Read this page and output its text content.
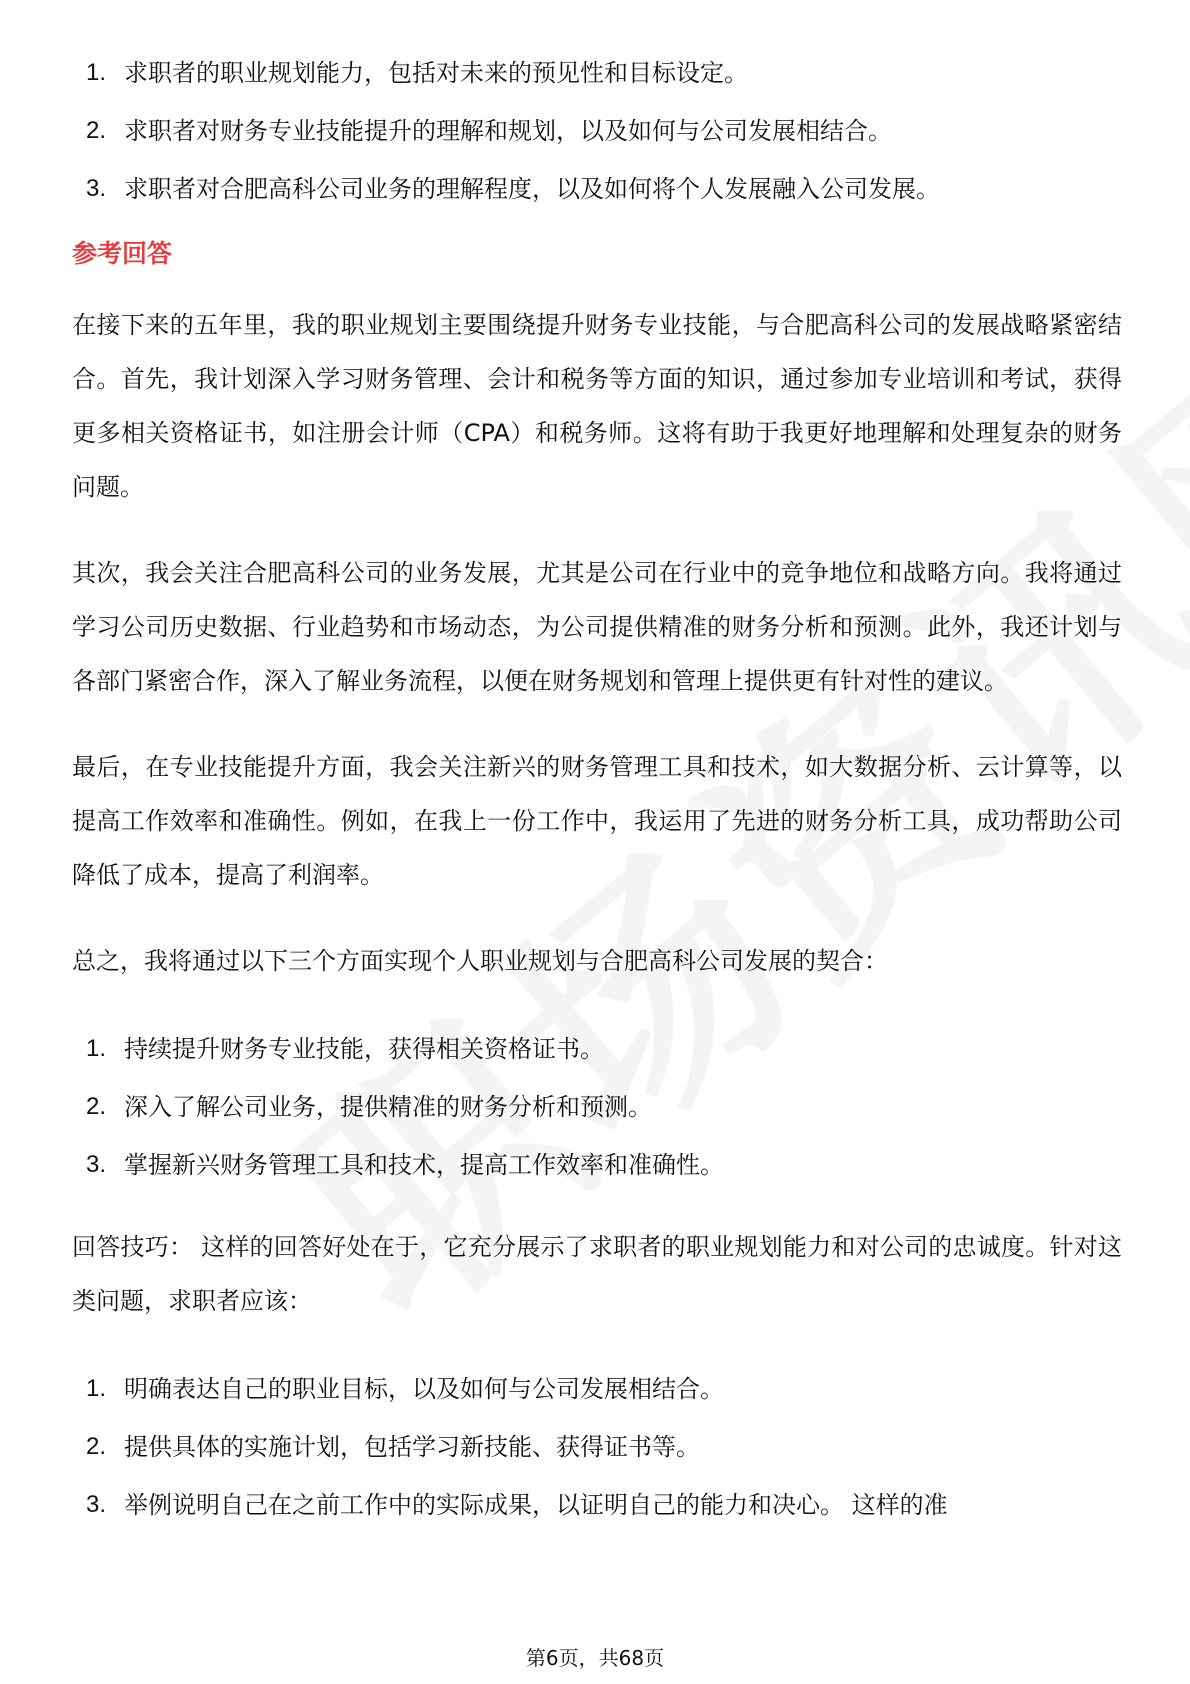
1. 求职者的职业规划能力，包括对未来的预见性和目标设定。
2. 求职者对财务专业技能提升的理解和规划，以及如何与公司发展相结合。
3. 求职者对合肥高科公司业务的理解程度，以及如何将个人发展融入公司发展。
参考回答

在接下来的五年里，我的职业规划主要围绕提升财务专业技能，与合肥高科公司的发展战略紧密结合。首先，我计划深入学习财务管理、会计和税务等方面的知识，通过参加专业培训和考试，获得更多相关资格证书，如注册会计师（CPA）和税务师。这将有助于我更好地理解和处理复杂的财务问题。

其次，我会关注合肥高科公司的业务发展，尤其是公司在行业中的竞争地位和战略方向。我将通过学习公司历史数据、行业趋势和市场动态，为公司提供精准的财务分析和预测。此外，我还计划与各部门紧密合作，深入了解业务流程，以便在财务规划和管理上提供更有针对性的建议。

最后，在专业技能提升方面，我会关注新兴的财务管理工具和技术，如大数据分析、云计算等，以提高工作效率和准确性。例如，在我上一份工作中，我运用了先进的财务分析工具，成功帮助公司降低了成本，提高了利润率。

总之，我将通过以下三个方面实现个人职业规划与合肥高科公司发展的契合：

1. 持续提升财务专业技能，获得相关资格证书。
2. 深入了解公司业务，提供精准的财务分析和预测。
3. 掌握新兴财务管理工具和技术，提高工作效率和准确性。

回答技巧： 这样的回答好处在于，它充分展示了求职者的职业规划能力和对公司的忠诚度。针对这类问题，求职者应该：

1. 明确表达自己的职业目标，以及如何与公司发展相结合。
2. 提供具体的实施计划，包括学习新技能、获得证书等。
3. 举例说明自己在之前工作中的实际成果，以证明自己的能力和决心。 这样的准
第6页，共68页
